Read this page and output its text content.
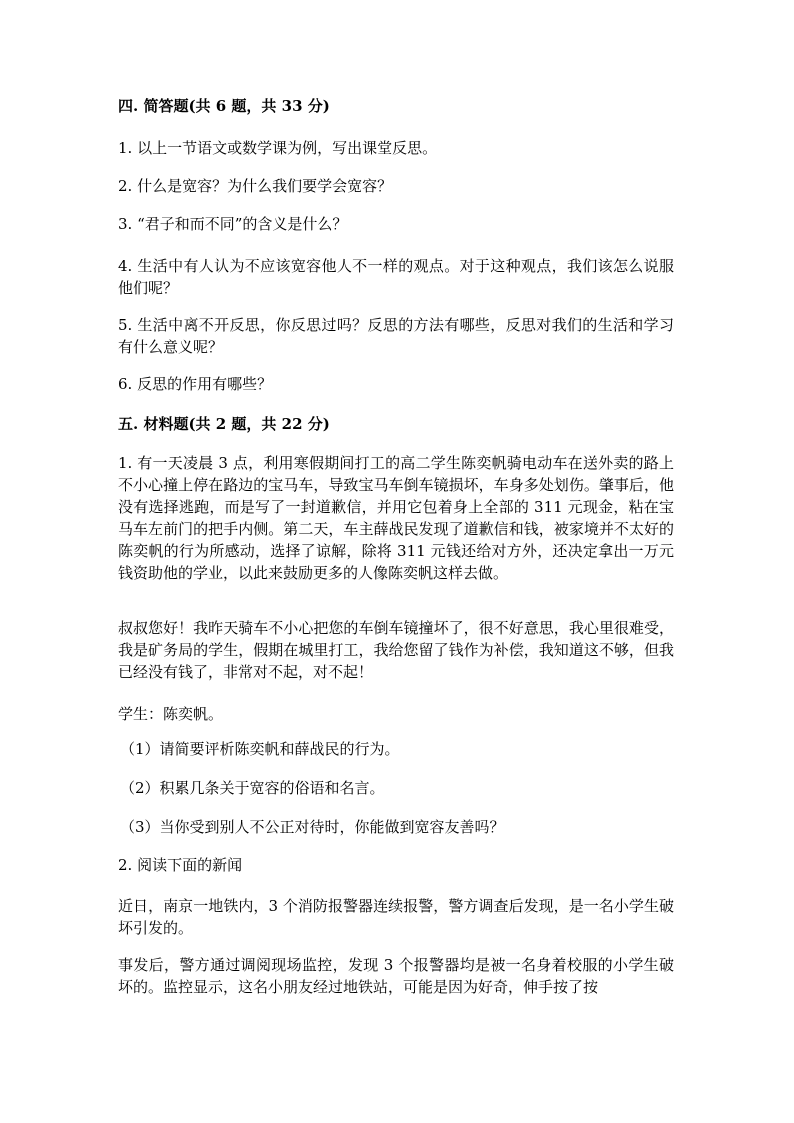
四. 简答题(共 6 题，共 33 分)

1. 以上一节语文或数学课为例，写出课堂反思。

2. 什么是宽容？为什么我们要学会宽容？

3. “君子和而不同”的含义是什么？

4. 生活中有人认为不应该宽容他人不一样的观点。对于这种观点，我们该怎么说服他们呢？

5. 生活中离不开反思，你反思过吗？反思的方法有哪些，反思对我们的生活和学习有什么意义呢？

6. 反思的作用有哪些？

五. 材料题(共 2 题，共 22 分)

1. 有一天凌晨 3 点，利用寒假期间打工的高二学生陈奕帆骑电动车在送外卖的路上不小心撞上停在路边的宝马车，导致宝马车倒车镜损坏，车身多处划伤。肇事后，他没有选择逃跑，而是写了一封道歉信，并用它包着身上全部的 311 元现金，粘在宝马车左前门的把手内侧。第二天，车主薛战民发现了道歉信和钱，被家境并不太好的陈奕帆的行为所感动，选择了谅解，除将 311 元钱还给对方外，还决定拿出一万元钱资助他的学业，以此来鼓励更多的人像陈奕帆这样去做。

叔叔您好！我昨天骑车不小心把您的车倒车镜撞坏了，很不好意思，我心里很难受，我是矿务局的学生，假期在城里打工，我给您留了钱作为补偿，我知道这不够，但我已经没有钱了，非常对不起，对不起！

学生：陈奕帆。

（1）请简要评析陈奕帆和薛战民的行为。

（2）积累几条关于宽容的俗语和名言。

（3）当你受到别人不公正对待时，你能做到宽容友善吗？

2. 阅读下面的新闻

近日，南京一地铁内，3 个消防报警器连续报警，警方调查后发现，是一名小学生破坏引发的。

事发后，警方通过调阅现场监控，发现 3 个报警器均是被一名身着校服的小学生破坏的。监控显示，这名小朋友经过地铁站，可能是因为好奇，伸手按了按
